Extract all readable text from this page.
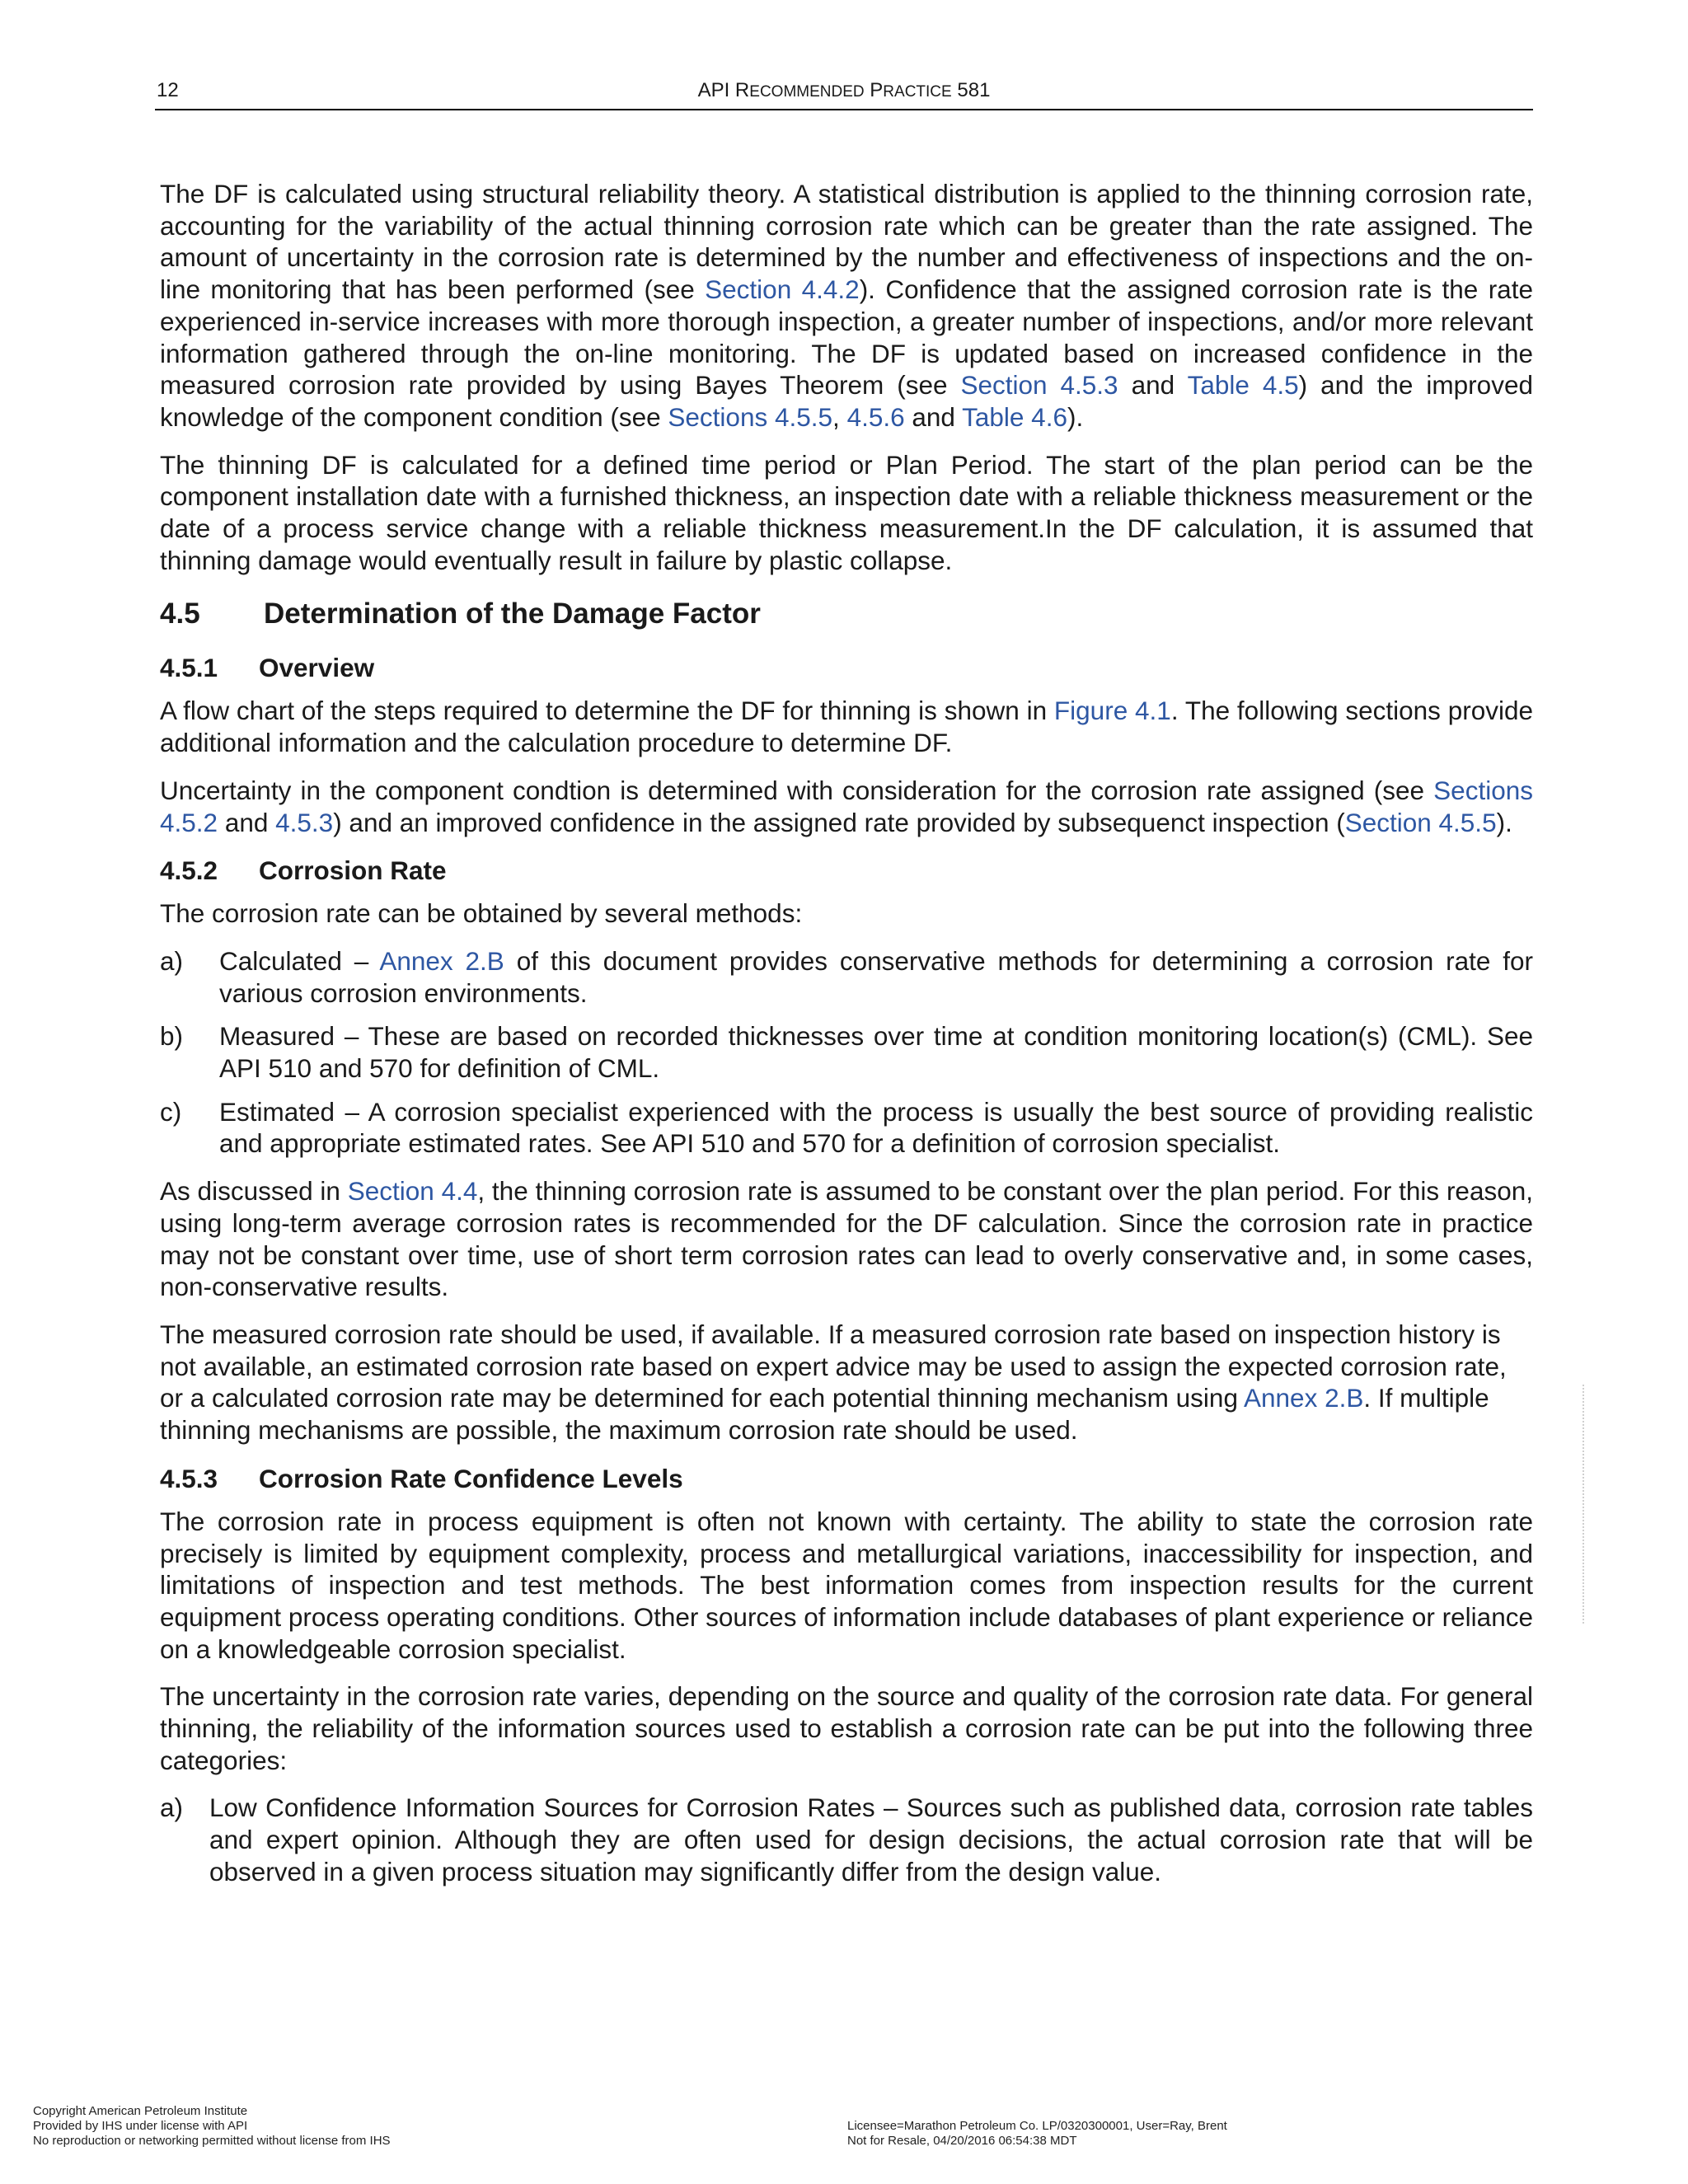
12	API RECOMMENDED PRACTICE 581

The DF is calculated using structural reliability theory. A statistical distribution is applied to the thinning corrosion rate, accounting for the variability of the actual thinning corrosion rate which can be greater than the rate assigned. The amount of uncertainty in the corrosion rate is determined by the number and effectiveness of inspections and the on-line monitoring that has been performed (see Section 4.4.2). Confidence that the assigned corrosion rate is the rate experienced in-service increases with more thorough inspection, a greater number of inspections, and/or more relevant information gathered through the on-line monitoring. The DF is updated based on increased confidence in the measured corrosion rate provided by using Bayes Theorem (see Section 4.5.3 and Table 4.5) and the improved knowledge of the component condition (see Sections 4.5.5, 4.5.6 and Table 4.6).

The thinning DF is calculated for a defined time period or Plan Period. The start of the plan period can be the component installation date with a furnished thickness, an inspection date with a reliable thickness measurement or the date of a process service change with a reliable thickness measurement.In the DF calculation, it is assumed that thinning damage would eventually result in failure by plastic collapse.

4.5 Determination of the Damage Factor
4.5.1 Overview

A flow chart of the steps required to determine the DF for thinning is shown in Figure 4.1. The following sections provide additional information and the calculation procedure to determine DF.

Uncertainty in the component condtion is determined with consideration for the corrosion rate assigned (see Sections 4.5.2 and 4.5.3) and an improved confidence in the assigned rate provided by subsequenct inspection (Section 4.5.5).

4.5.2 Corrosion Rate

The corrosion rate can be obtained by several methods:

a) Calculated – Annex 2.B of this document provides conservative methods for determining a corrosion rate for various corrosion environments.
b) Measured – These are based on recorded thicknesses over time at condition monitoring location(s) (CML). See API 510 and 570 for definition of CML.
c) Estimated – A corrosion specialist experienced with the process is usually the best source of providing realistic and appropriate estimated rates. See API 510 and 570 for a definition of corrosion specialist.

As discussed in Section 4.4, the thinning corrosion rate is assumed to be constant over the plan period. For this reason, using long-term average corrosion rates is recommended for the DF calculation. Since the corrosion rate in practice may not be constant over time, use of short term corrosion rates can lead to overly conservative and, in some cases, non-conservative results.

The measured corrosion rate should be used, if available. If a measured corrosion rate based on inspection history is not available, an estimated corrosion rate based on expert advice may be used to assign the expected corrosion rate, or a calculated corrosion rate may be determined for each potential thinning mechanism using Annex 2.B. If multiple thinning mechanisms are possible, the maximum corrosion rate should be used.

4.5.3 Corrosion Rate Confidence Levels

The corrosion rate in process equipment is often not known with certainty. The ability to state the corrosion rate precisely is limited by equipment complexity, process and metallurgical variations, inaccessibility for inspection, and limitations of inspection and test methods. The best information comes from inspection results for the current equipment process operating conditions. Other sources of information include databases of plant experience or reliance on a knowledgeable corrosion specialist.

The uncertainty in the corrosion rate varies, depending on the source and quality of the corrosion rate data. For general thinning, the reliability of the information sources used to establish a corrosion rate can be put into the following three categories:

a) Low Confidence Information Sources for Corrosion Rates – Sources such as published data, corrosion rate tables and expert opinion. Although they are often used for design decisions, the actual corrosion rate that will be observed in a given process situation may significantly differ from the design value.
Copyright American Petroleum Institute
Provided by IHS under license with API
No reproduction or networking permitted without license from IHS
Licensee=Marathon Petroleum Co. LP/0320300001, User=Ray, Brent
Not for Resale, 04/20/2016 06:54:38 MDT
